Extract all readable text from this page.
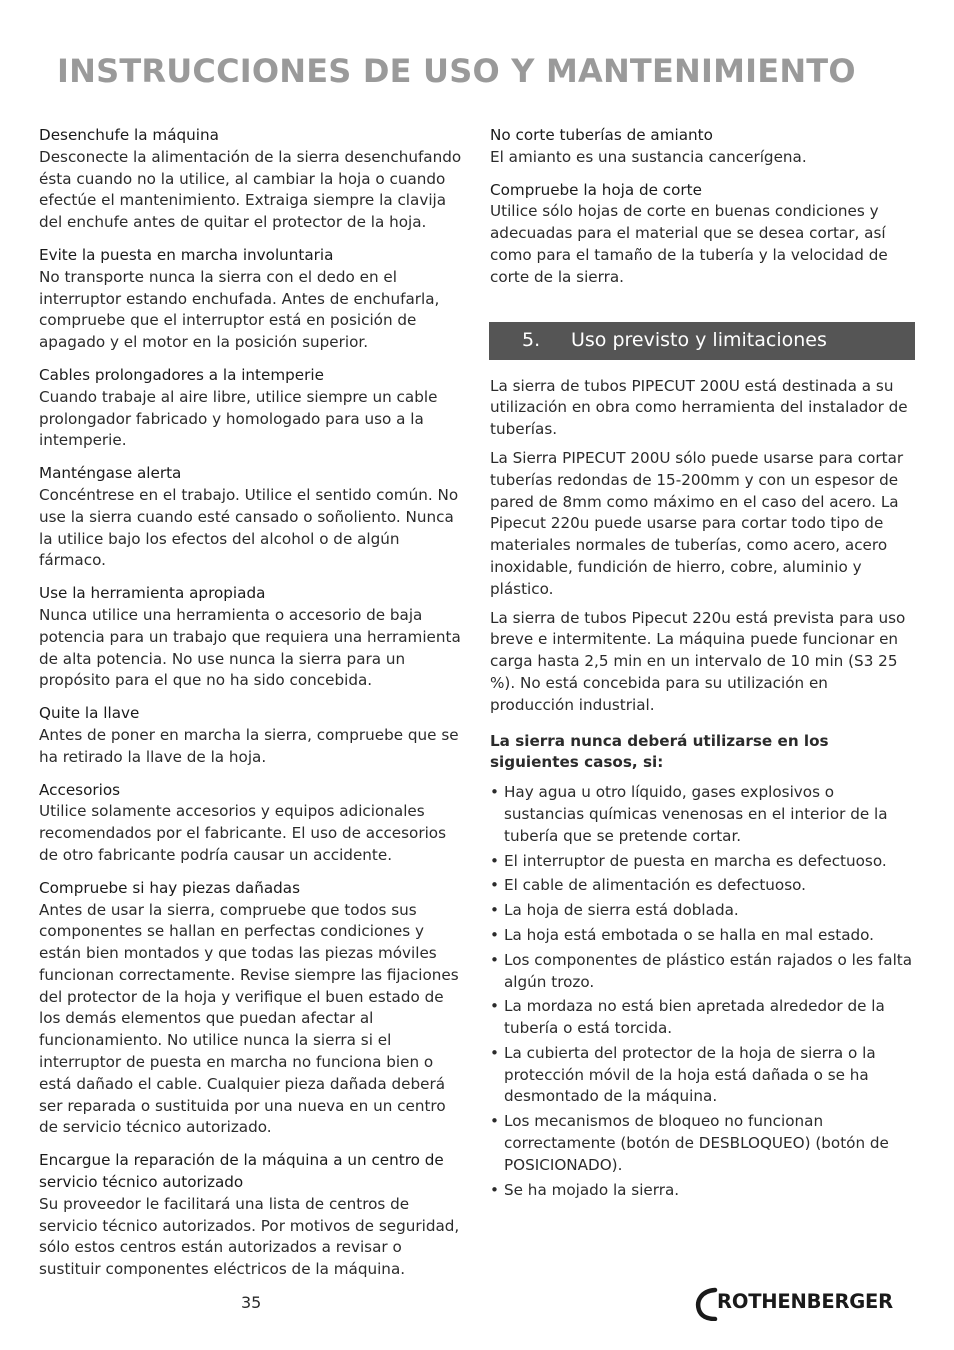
INSTRUCCIONES DE USO Y MANTENIMIENTO
Desenchufe la máquina
Desconecte la alimentación de la sierra desenchufando ésta cuando no la utilice, al cambiar la hoja o cuando efectúe el mantenimiento. Extraiga siempre la clavija del enchufe antes de quitar el protector de la hoja.
Evite la puesta en marcha involuntaria
No transporte nunca la sierra con el dedo en el interruptor estando enchufada. Antes de enchufarla, compruebe que el interruptor está en posición de apagado y el motor en la posición superior.
Cables prolongadores a la intemperie
Cuando trabaje al aire libre, utilice siempre un cable prolongador fabricado y homologado para uso a la intemperie.
Manténgase alerta
Concéntrese en el trabajo. Utilice el sentido común. No use la sierra cuando esté cansado o soñoliento. Nunca la utilice bajo los efectos del alcohol o de algún fármaco.
Use la herramienta apropiada
Nunca utilice una herramienta o accesorio de baja potencia para un trabajo que requiera una herramienta de alta potencia. No use nunca la sierra para un propósito para el que no ha sido concebida.
Quite la llave
Antes de poner en marcha la sierra, compruebe que se ha retirado la llave de la hoja.
Accesorios
Utilice solamente accesorios y equipos adicionales recomendados por el fabricante. El uso de accesorios de otro fabricante podría causar un accidente.
Compruebe si hay piezas dañadas
Antes de usar la sierra, compruebe que todos sus componentes se hallan en perfectas condiciones y están bien montados y que todas las piezas móviles funcionan correctamente. Revise siempre las fijaciones del protector de la hoja y verifique el buen estado de los demás elementos que puedan afectar al funcionamiento. No utilice nunca la sierra si el interruptor de puesta en marcha no funciona bien o está dañado el cable. Cualquier pieza dañada deberá ser reparada o sustituida por una nueva en un centro de servicio técnico autorizado.
Encargue la reparación de la máquina a un centro de servicio técnico autorizado
Su proveedor le facilitará una lista de centros de servicio técnico autorizados. Por motivos de seguridad, sólo estos centros están autorizados a revisar o sustituir componentes eléctricos de la máquina.
No corte tuberías de amianto
El amianto es una sustancia cancerígena.
Compruebe la hoja de corte
Utilice sólo hojas de corte en buenas condiciones y adecuadas para el material que se desea cortar, así como para el tamaño de la tubería y la velocidad de corte de la sierra.
5.	Uso previsto y limitaciones

La sierra de tubos PIPECUT 200U está destinada a su utilización en obra como herramienta del instalador de tuberías.

La Sierra PIPECUT 200U sólo puede usarse para cortar tuberías redondas de 15-200mm y con un espesor de pared de 8mm como máximo en el caso del acero. La Pipecut 220u puede usarse para cortar todo tipo de materiales normales de tuberías, como acero, acero inoxidable, fundición de hierro, cobre, aluminio y plástico.

La sierra de tubos Pipecut 220u está prevista para uso breve e intermitente. La máquina puede funcionar en carga hasta 2,5 min en un intervalo de 10 min (S3 25 %). No está concebida para su utilización en producción industrial.

La sierra nunca deberá utilizarse en los siguientes casos, si:

• Hay agua u otro líquido, gases explosivos o sustancias químicas venenosas en el interior de la tubería que se pretende cortar.
• El interruptor de puesta en marcha es defectuoso.
• El cable de alimentación es defectuoso.
• La hoja de sierra está doblada.
• La hoja está embotada o se halla en mal estado.
• Los componentes de plástico están rajados o les falta algún trozo.
• La mordaza no está bien apretada alrededor de la tubería o está torcida.
• La cubierta del protector de la hoja de sierra o la protección móvil de la hoja está dañada o se ha desmontado de la máquina.
• Los mecanismos de bloqueo no funcionan correctamente (botón de DESBLOQUEO) (botón de POSICIONADO).
• Se ha mojado la sierra.
35	ROTHENBERGER
